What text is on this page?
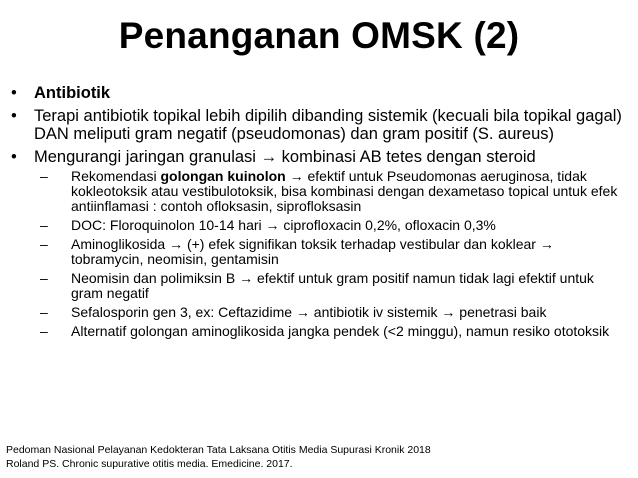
Penanganan OMSK (2)
• Antibiotik
• Terapi antibiotik topikal lebih dipilih dibanding sistemik (kecuali bila topikal gagal) DAN meliputi gram negatif (pseudomonas) dan gram positif (S. aureus)
• Mengurangi jaringan granulasi → kombinasi AB tetes dengan steroid
– Rekomendasi golongan kuinolon → efektif untuk Pseudomonas aeruginosa, tidak kokleotoksik atau vestibulotoksik, bisa kombinasi dengan dexametaso topical untuk efek antiinflamasi : contoh ofloksasin, siprofloksasin
– DOC: Floroquinolon 10-14 hari → ciprofloxacin 0,2%, ofloxacin 0,3%
– Aminoglikosida → (+) efek signifikan toksik terhadap vestibular dan koklear → tobramycin, neomisin, gentamisin
– Neomisin dan polimiksin B → efektif untuk gram positif namun tidak lagi efektif untuk gram negatif
– Sefalosporin gen 3, ex: Ceftazidime → antibiotik iv sistemik → penetrasi baik
– Alternatif golongan aminoglikosida jangka pendek (<2 minggu), namun resiko ototoksik
Pedoman Nasional Pelayanan Kedokteran Tata Laksana Otitis Media Supurasi Kronik 2018
Roland PS. Chronic supurative otitis media. Emedicine. 2017.
